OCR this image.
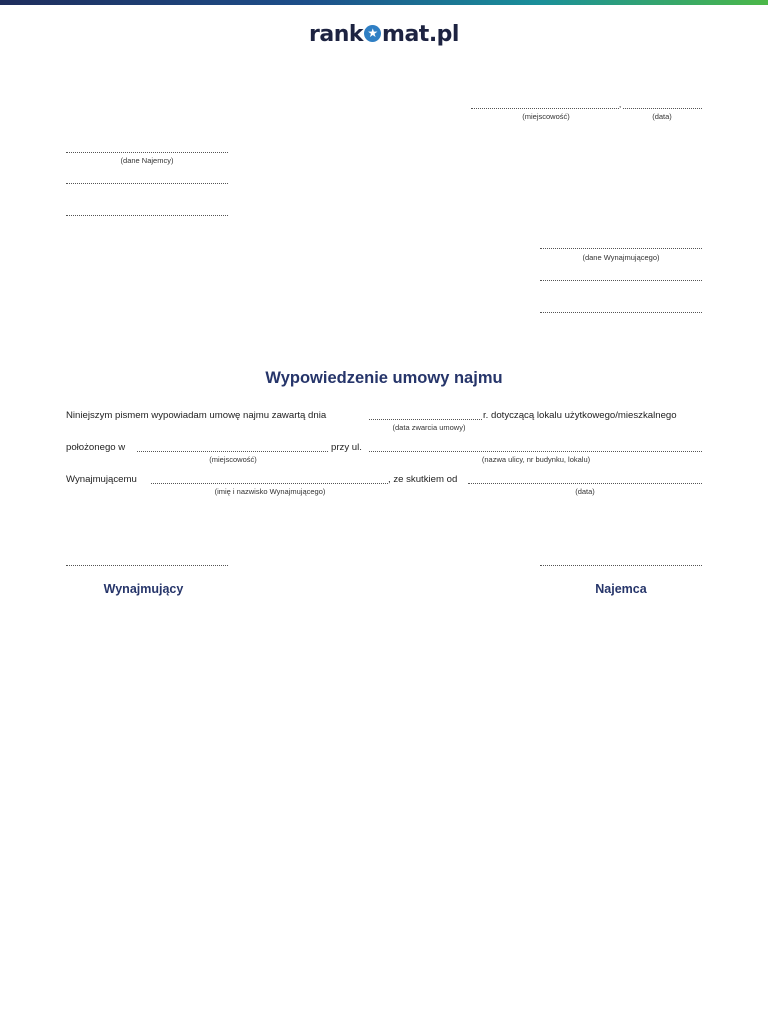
rank ★ mat.pl
,
(miejscowość)	(data)
(dane Najemcy)
(dane Wynajmującego)
Wypowiedzenie umowy najmu
Niniejszym pismem wypowiadam umowę najmu zawartą dnia	r. dotyczącą lokalu użytkowego/mieszkalnego
(data zwarcia umowy)
położonego w	przy ul.
(miejscowość)	(nazwa ulicy, nr budynku, lokalu)
Wynajmującemu	, ze skutkiem od
(imię i nazwisko Wynajmującego)	(data)
Wynajmujący	Najemca
